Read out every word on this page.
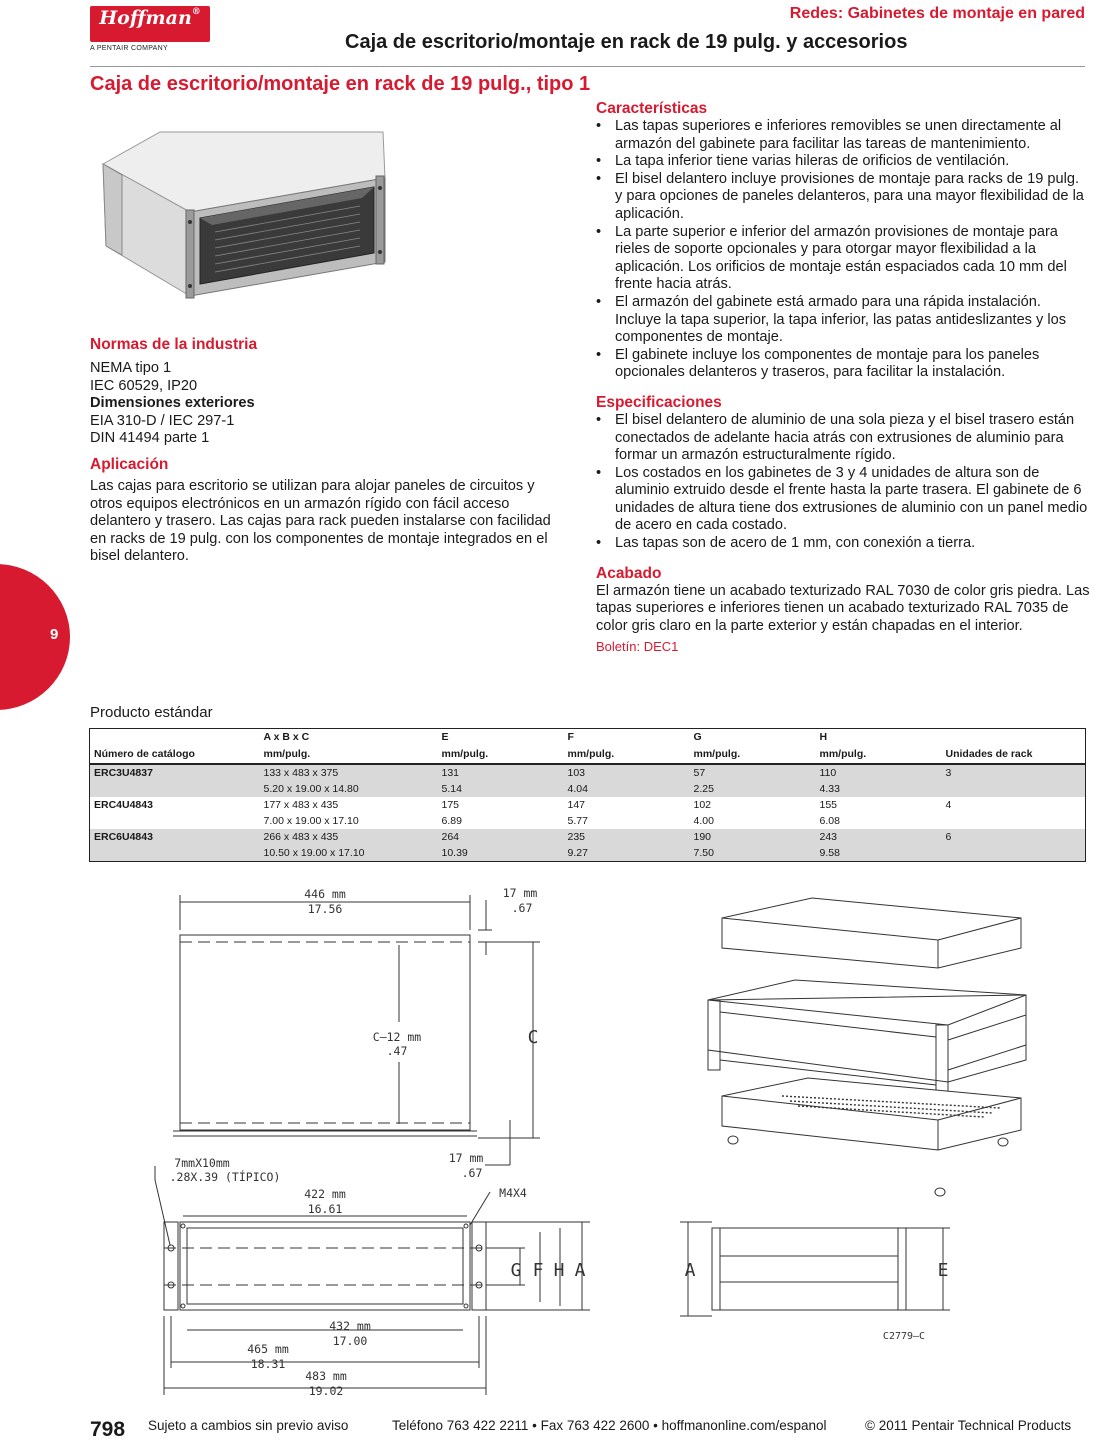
Hoffman®
A PENTAIR COMPANY
Redes: Gabinetes de montaje en pared
Caja de escritorio/montaje en rack de 19 pulg. y accesorios
Caja de escritorio/montaje en rack de 19 pulg., tipo 1
Normas de la industria

NEMA tipo 1

IEC 60529, IP20

Dimensiones exteriores

EIA 310-D / IEC 297-1

DIN 41494 parte 1

Aplicación

Las cajas para escritorio se utilizan para alojar paneles de circuitos y otros equipos electrónicos en un armazón rígido con fácil acceso delantero y trasero. Las cajas para rack pueden instalarse con facilidad en racks de 19 pulg. con los componentes de montaje integrados en el bisel delantero.

Características
• Las tapas superiores e inferiores removibles se unen directamente al armazón del gabinete para facilitar las tareas de mantenimiento.
• La tapa inferior tiene varias hileras de orificios de ventilación.
• El bisel delantero incluye provisiones de montaje para racks de 19 pulg. y para opciones de paneles delanteros, para una mayor flexibilidad de la aplicación.
• La parte superior e inferior del armazón provisiones de montaje para rieles de soporte opcionales y para otorgar mayor flexibilidad a la aplicación. Los orificios de montaje están espaciados cada 10 mm del frente hacia atrás.
• El armazón del gabinete está armado para una rápida instalación. Incluye la tapa superior, la tapa inferior, las patas antideslizantes y los componentes de montaje.
• El gabinete incluye los componentes de montaje para los paneles opcionales delanteros y traseros, para facilitar la instalación.
Especificaciones
• El bisel delantero de aluminio de una sola pieza y el bisel trasero están conectados de adelante hacia atrás con extrusiones de aluminio para formar un armazón estructuralmente rígido.
• Los costados en los gabinetes de 3 y 4 unidades de altura son de aluminio extruido desde el frente hasta la parte trasera. El gabinete de 6 unidades de altura tiene dos extrusiones de aluminio con un panel medio de acero en cada costado.
• Las tapas son de acero de 1 mm, con conexión a tierra.
Acabado

El armazón tiene un acabado texturizado RAL 7030 de color gris piedra. Las tapas superiores e inferiores tienen un acabado texturizado RAL 7035 de color gris claro en la parte exterior y están chapadas en el interior.

Boletín: DEC1

9
Producto estándar
	A x B x C	E	F	G	H	
Número de catálogo	mm/pulg.	mm/pulg.	mm/pulg.	mm/pulg.	mm/pulg.	Unidades de rack
ERC3U4837	133 x 483 x 375	131	103	57	110	3
	5.20 x 19.00 x 14.80	5.14	4.04	2.25	4.33	
ERC4U4843	177 x 483 x 435	175	147	102	155	4
	7.00 x 19.00 x 17.10	6.89	5.77	4.00	6.08	
ERC6U4843	266 x 483 x 435	264	235	190	243	6
	10.50 x 19.00 x 17.10	10.39	9.27	7.50	9.58	
446 mm
17.56
17 mm
.67
C–12 mm
.47
C
17 mm
.67
7mmX10mm
.28X.39 (TÍPICO)
422 mm
16.61
M4X4
G F H A
432 mm
17.00
465 mm
18.31
483 mm
19.02
A	E
C2779–C
798 Sujeto a cambios sin previo aviso	Teléfono 763 422 2211 • Fax 763 422 2600 • hoffmanonline.com/espanol	© 2011 Pentair Technical Products
